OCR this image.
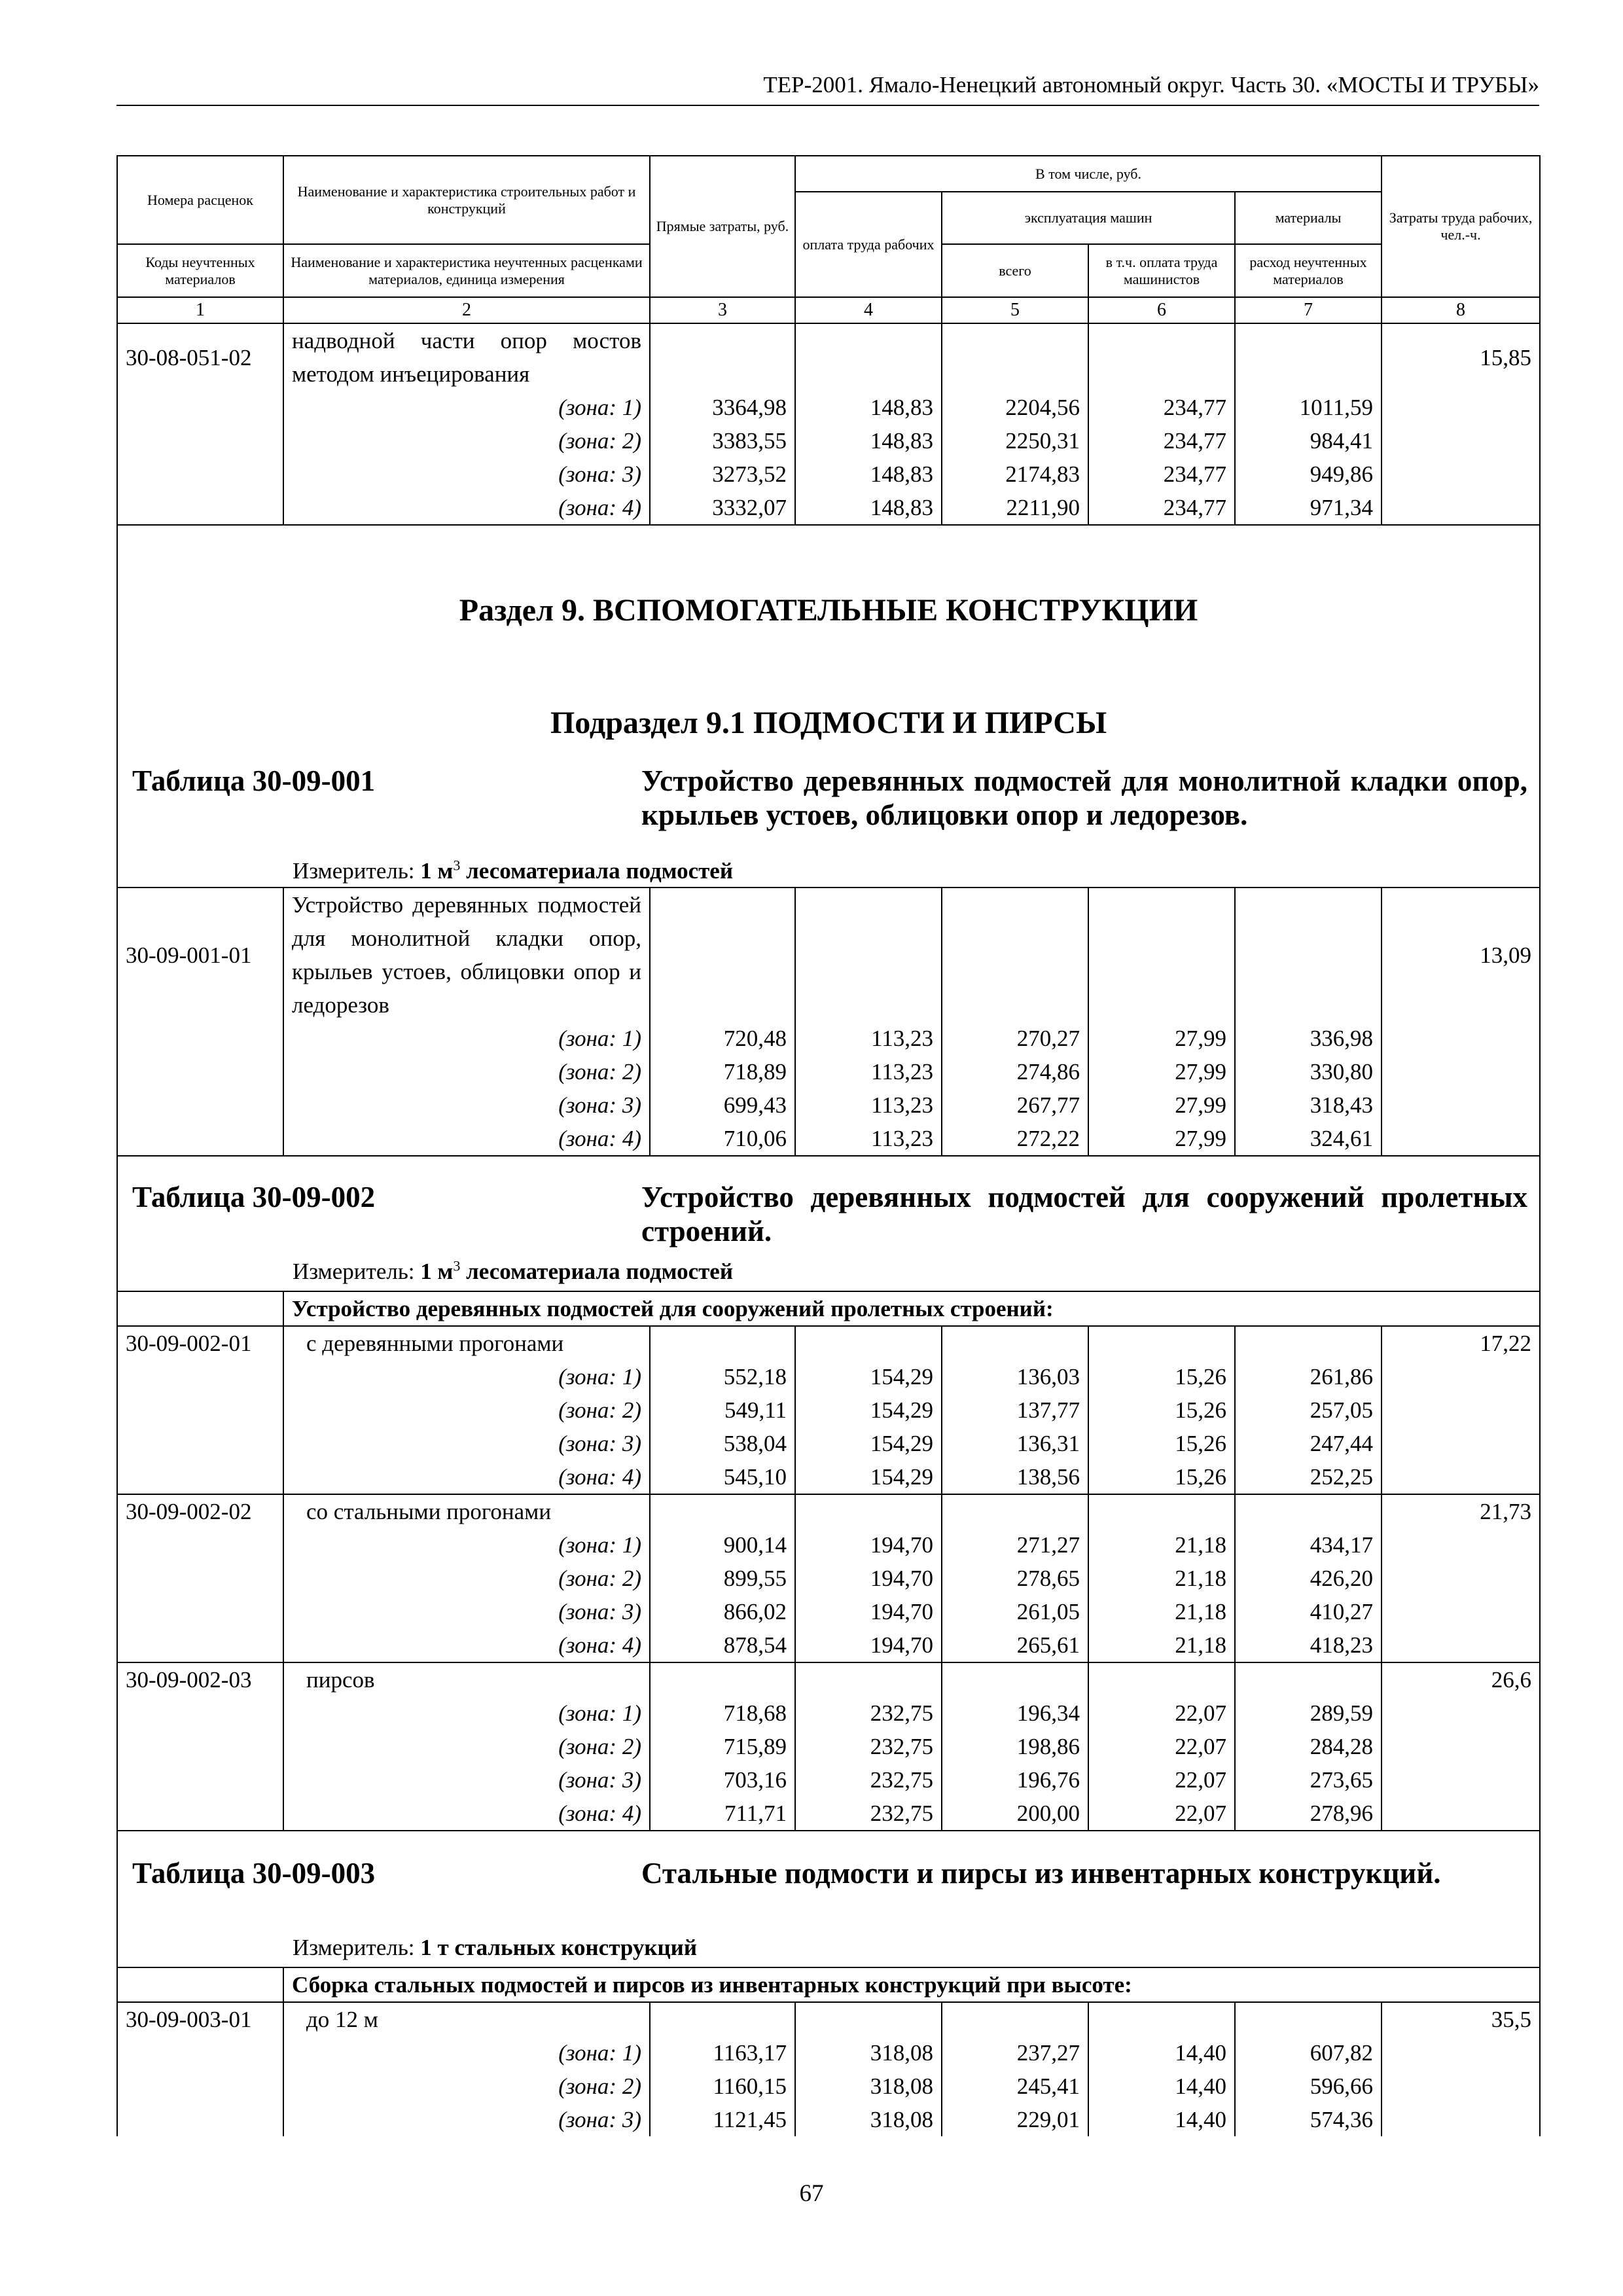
ТЕР-2001. Ямало-Ненецкий автономный округ. Часть 30. «МОСТЫ И ТРУБЫ»
Номера расценок	Наименование и характеристика строительных работ и конструкций	Прямые затраты, руб.	В том числе, руб.				Затраты труда рабочих, чел.-ч.
			оплата труда рабочих	эксплуатация машин		материалы	
Коды неучтенных материалов	Наименование и характеристика неучтенных расценками материалов, единица измерения			всего	в т.ч. оплата труда машинистов	расход неучтенных материалов	

1	2	3	4	5	6	7	8
30-08-051-02	надводной части опор мостов методом инъецирования						15,85
	(зона: 1)	3364,98	148,83	2204,56	234,77	1011,59	
	(зона: 2)	3383,55	148,83	2250,31	234,77	984,41	
	(зона: 3)	3273,52	148,83	2174,83	234,77	949,86	
	(зона: 4)	3332,07	148,83	2211,90	234,77	971,34	

Раздел 9. ВСПОМОГАТЕЛЬНЫЕ КОНСТРУКЦИИ
Подраздел 9.1 ПОДМОСТИ И ПИРСЫ
Таблица 30-09-001 Устройство деревянных подмостей для монолитной кладки опор, крыльев устоев, облицовки опор и ледорезов.
Измеритель: 1 $м^3$ лесоматериала подмостей							

30-09-001-01	Устройство деревянных подмостей для монолитной кладки опор, крыльев устоев, облицовки опор и ледорезов						13,09
	(зона: 1)	720,48	113,23	270,27	27,99	336,98	
	(зона: 2)	718,89	113,23	274,86	27,99	330,80	
	(зона: 3)	699,43	113,23	267,77	27,99	318,43	
	(зона: 4)	710,06	113,23	272,22	27,99	324,61	

Таблица 30-09-002 Устройство деревянных подмостей для сооружений пролетных строений.
Измеритель: 1 $м^3$ лесоматериала подмостей							

	Устройство деревянных подмостей для сооружений пролетных строений:						
30-09-002-01	с деревянными прогонами						17,22
	(зона: 1)	552,18	154,29	136,03	15,26	261,86	
	(зона: 2)	549,11	154,29	137,77	15,26	257,05	
	(зона: 3)	538,04	154,29	136,31	15,26	247,44	
	(зона: 4)	545,10	154,29	138,56	15,26	252,25	
30-09-002-02	со стальными прогонами						21,73
	(зона: 1)	900,14	194,70	271,27	21,18	434,17	
	(зона: 2)	899,55	194,70	278,65	21,18	426,20	
	(зона: 3)	866,02	194,70	261,05	21,18	410,27	
	(зона: 4)	878,54	194,70	265,61	21,18	418,23	
30-09-002-03	пирсов						26,6
	(зона: 1)	718,68	232,75	196,34	22,07	289,59	
	(зона: 2)	715,89	232,75	198,86	22,07	284,28	
	(зона: 3)	703,16	232,75	196,76	22,07	273,65	
	(зона: 4)	711,71	232,75	200,00	22,07	278,96	

Таблица 30-09-003 Стальные подмости и пирсы из инвентарных конструкций.
Измеритель: 1 т стальных конструкций							

	Сборка стальных подмостей и пирсов из инвентарных конструкций при высоте:						
30-09-003-01	до 12 м						35,5
	(зона: 1)	1163,17	318,08	237,27	14,40	607,82	
	(зона: 2)	1160,15	318,08	245,41	14,40	596,66	
	(зона: 3)	1121,45	318,08	229,01	14,40	574,36	
67
